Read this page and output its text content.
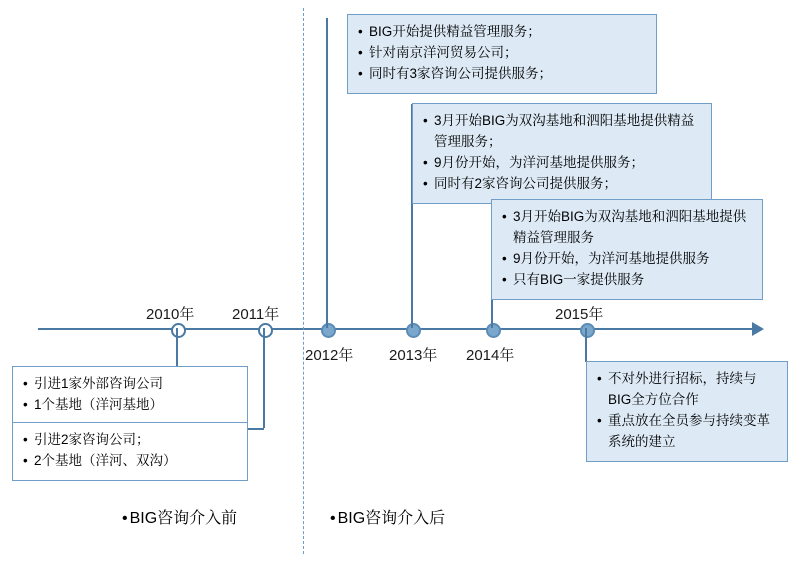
2010年	2011年
2012年 2013年 2014年
2015年
• BIG开始提供精益管理服务；
• 针对南京洋河贸易公司；
• 同时有3家咨询公司提供服务；
• 3月开始BIG为双沟基地和泗阳基地提供精益管理服务；
• 9月份开始，为洋河基地提供服务；
• 同时有2家咨询公司提供服务；
• 3月开始BIG为双沟基地和泗阳基地提供精益管理服务
• 9月份开始，为洋河基地提供服务
• 只有BIG一家提供服务
• 不对外进行招标，持续与BIG全方位合作
• 重点放在全员参与持续变革系统的建立
• 引进1家外部咨询公司
• 1个基地（洋河基地）
• 引进2家咨询公司；
• 2个基地（洋河、双沟）
• BIG咨询介入前	• BIG咨询介入后
